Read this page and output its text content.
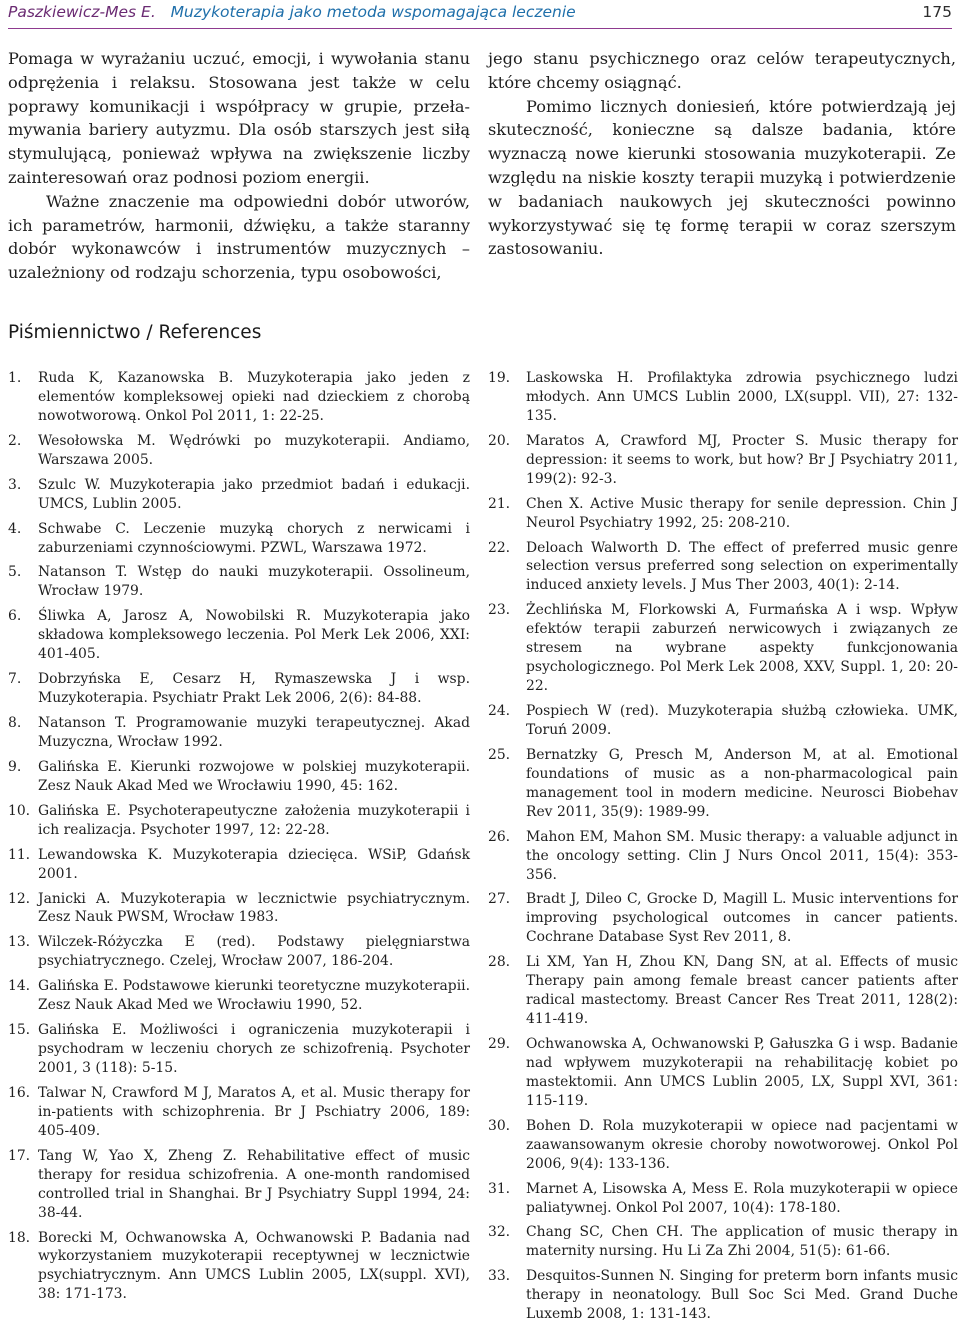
Paszkiewicz-Mes E. Muzykoterapia jako metoda wspomagająca leczenie	175

Pomaga w wyrażaniu uczuć, emocji, i wywołania stanu odprężenia i relaksu. Stosowana jest także w celu poprawy komunikacji i współpracy w grupie, przełamywania bariery autyzmu. Dla osób starszych jest siłą stymulującą, ponieważ wpływa na zwiększenie liczby zainteresowań oraz podnosi poziom energii.

Ważne znaczenie ma odpowiedni dobór utworów, ich parametrów, harmonii, dźwięku, a także staranny dobór wykonawców i instrumentów muzycznych – uzależniony od rodzaju schorzenia, typu osobowości,

jego stanu psychicznego oraz celów terapeutycznych, które chcemy osiągnąć.

Pomimo licznych doniesień, które potwierdzają jej skuteczność, konieczne są dalsze badania, które wyznaczą nowe kierunki stosowania muzykoterapii. Ze względu na niskie koszty terapii muzyką i potwierdzenie w badaniach naukowych jej skuteczności powinno wykorzystywać się tę formę terapii w coraz szerszym zastosowaniu.

Piśmiennictwo / References
1. Ruda K, Kazanowska B. Muzykoterapia jako jeden z elementów kompleksowej opieki nad dzieckiem z chorobą nowotworową. Onkol Pol 2011, 1: 22-25.
2. Wesołowska M. Wędrówki po muzykoterapii. Andiamo, Warszawa 2005.
3. Szulc W. Muzykoterapia jako przedmiot badań i edukacji. UMCS, Lublin 2005.
4. Schwabe C. Leczenie muzyką chorych z nerwicami i zaburzeniami czynnościowymi. PZWL, Warszawa 1972.
5. Natanson T. Wstęp do nauki muzykoterapii. Ossolineum, Wrocław 1979.
6. Śliwka A, Jarosz A, Nowobilski R. Muzykoterapia jako składowa kompleksowego leczenia. Pol Merk Lek 2006, XXI: 401-405.
7. Dobrzyńska E, Cesarz H, Rymaszewska J i wsp. Muzykoterapia. Psychiatr Prakt Lek 2006, 2(6): 84-88.
8. Natanson T. Programowanie muzyki terapeutycznej. Akad Muzyczna, Wrocław 1992.
9. Galińska E. Kierunki rozwojowe w polskiej muzykoterapii. Zesz Nauk Akad Med we Wrocławiu 1990, 45: 162.
10. Galińska E. Psychoterapeutyczne założenia muzykoterapii i ich realizacja. Psychoter 1997, 12: 22-28.
11. Lewandowska K. Muzykoterapia dziecięca. WSiP, Gdańsk 2001.
12. Janicki A. Muzykoterapia w lecznictwie psychiatrycznym. Zesz Nauk PWSM, Wrocław 1983.
13. Wilczek-Różyczka E (red). Podstawy pielęgniarstwa psychiatrycznego. Czelej, Wrocław 2007, 186-204.
14. Galińska E. Podstawowe kierunki teoretyczne muzykoterapii. Zesz Nauk Akad Med we Wrocławiu 1990, 52.
15. Galińska E. Możliwości i ograniczenia muzykoterapii i psychodram w leczeniu chorych ze schizofrenią. Psychoter 2001, 3 (118): 5-15.
16. Talwar N, Crawford M J, Maratos A, et al. Music therapy for in-patients with schizophrenia. Br J Pschiatry 2006, 189: 405-409.
17. Tang W, Yao X, Zheng Z. Rehabilitative effect of music therapy for residua schizofrenia. A one-month randomised controlled trial in Shanghai. Br J Psychiatry Suppl 1994, 24: 38-44.
18. Borecki M, Ochwanowska A, Ochwanowski P. Badania nad wykorzystaniem muzykoterapii receptywnej w lecznictwie psychiatrycznym. Ann UMCS Lublin 2005, LX(suppl. XVI), 38: 171-173.
19. Laskowska H. Profilaktyka zdrowia psychicznego ludzi młodych. Ann UMCS Lublin 2000, LX(suppl. VII), 27: 132-135.
20. Maratos A, Crawford MJ, Procter S. Music therapy for depression: it seems to work, but how? Br J Psychiatry 2011, 199(2): 92-3.
21. Chen X. Active Music therapy for senile depression. Chin J Neurol Psychiatry 1992, 25: 208-210.
22. Deloach Walworth D. The effect of preferred music genre selection versus preferred song selection on experimentally induced anxiety levels. J Mus Ther 2003, 40(1): 2-14.
23. Żechlińska M, Florkowski A, Furmańska A i wsp. Wpływ efektów terapii zaburzeń nerwicowych i związanych ze stresem na wybrane aspekty funkcjonowania psychologicznego. Pol Merk Lek 2008, XXV, Suppl. 1, 20: 20-22.
24. Pospiech W (red). Muzykoterapia służbą człowieka. UMK, Toruń 2009.
25. Bernatzky G, Presch M, Anderson M, at al. Emotional foundations of music as a non-pharmacological pain management tool in modern medicine. Neurosci Biobehav Rev 2011, 35(9): 1989-99.
26. Mahon EM, Mahon SM. Music therapy: a valuable adjunct in the oncology setting. Clin J Nurs Oncol 2011, 15(4): 353-356.
27. Bradt J, Dileo C, Grocke D, Magill L. Music interventions for improving psychological outcomes in cancer patients. Cochrane Database Syst Rev 2011, 8.
28. Li XM, Yan H, Zhou KN, Dang SN, at al. Effects of music Therapy pain among female breast cancer patients after radical mastectomy. Breast Cancer Res Treat 2011, 128(2): 411-419.
29. Ochwanowska A, Ochwanowski P, Gałuszka G i wsp. Badanie nad wpływem muzykoterapii na rehabilitację kobiet po mastektomii. Ann UMCS Lublin 2005, LX, Suppl XVI, 361: 115-119.
30. Bohen D. Rola muzykoterapii w opiece nad pacjentami w zaawansowanym okresie choroby nowotworowej. Onkol Pol 2006, 9(4): 133-136.
31. Marnet A, Lisowska A, Mess E. Rola muzykoterapii w opiece paliatywnej. Onkol Pol 2007, 10(4): 178-180.
32. Chang SC, Chen CH. The application of music therapy in maternity nursing. Hu Li Za Zhi 2004, 51(5): 61-66.
33. Desquitos-Sunnen N. Singing for preterm born infants music therapy in neonatology. Bull Soc Sci Med. Grand Duche Luxemb 2008, 1: 131-143.
